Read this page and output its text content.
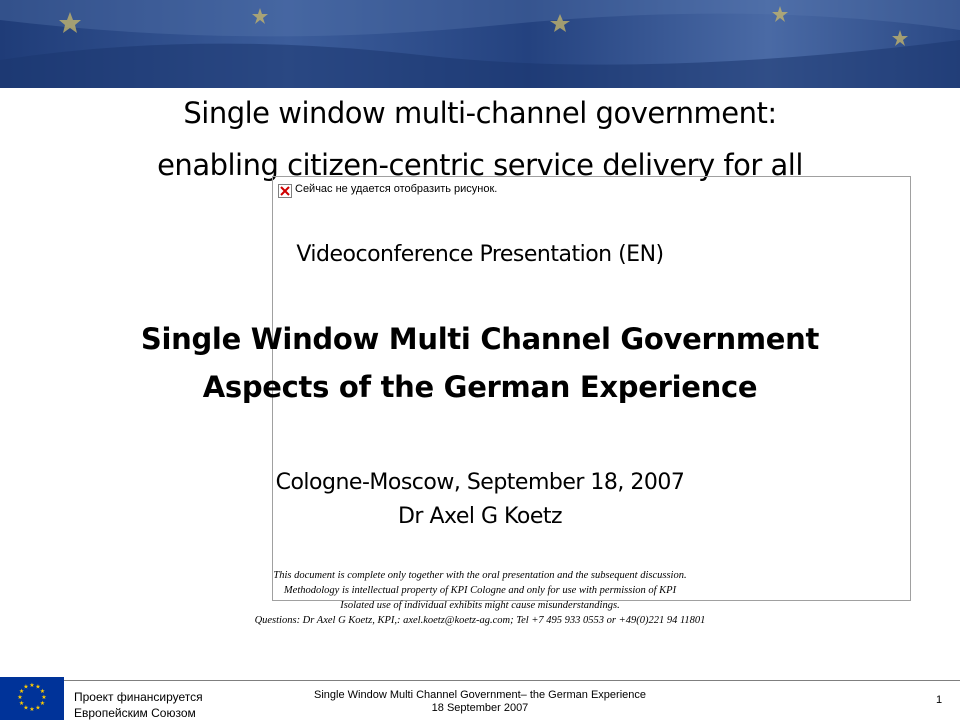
Single window multi-channel government:
enabling citizen-centric service delivery for all
Сейчас не удается отобразить рисунок.
Videoconference Presentation (EN)
Single Window Multi Channel Government
Aspects of the German Experience
Cologne-Moscow, September 18, 2007
Dr Axel G Koetz
This document is complete only together with the oral presentation and the subsequent discussion.
Methodology is intellectual property of KPI Cologne and only for use with permission of KPI
Isolated use of individual exhibits might cause misunderstandings.
Questions: Dr Axel G Koetz, KPI,: axel.koetz@koetz-ag.com; Tel +7 495 933 0553 or +49(0)221 94 11801
★ ★
★
★
★
★
★
★
★
★
★
★
Проект финансируется
Европейским Союзом
Single Window Multi Channel Government– the German Experience
18 September 2007
1
